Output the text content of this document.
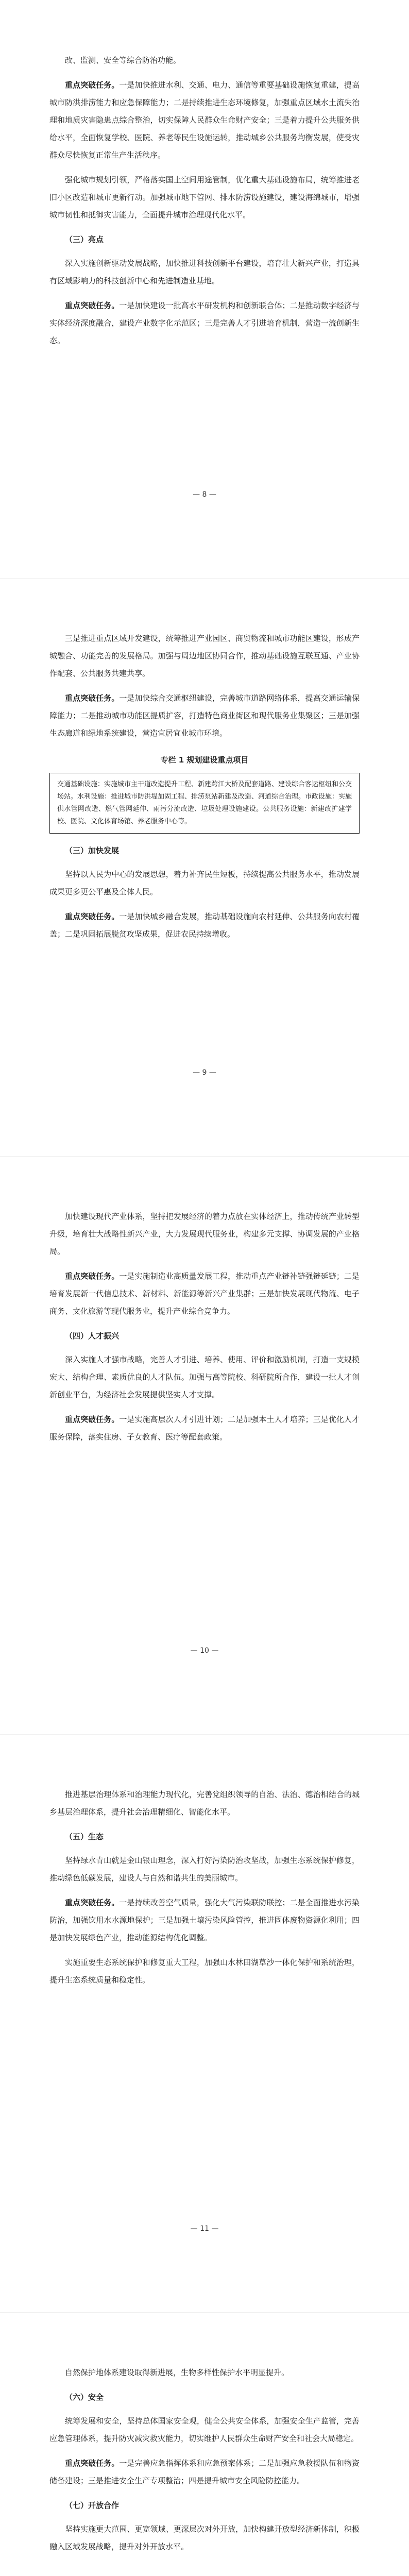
改、监测、安全等综合防治功能。

重点突破任务。一是加快推进水利、交通、电力、通信等重要基础设施恢复重建，提高城市防洪排涝能力和应急保障能力；二是持续推进生态环境修复，加强重点区域水土流失治理和地质灾害隐患点综合整治，切实保障人民群众生命财产安全；三是着力提升公共服务供给水平，全面恢复学校、医院、养老等民生设施运转，推动城乡公共服务均衡发展，使受灾群众尽快恢复正常生产生活秩序。

强化城市规划引领，严格落实国土空间用途管制，优化重大基础设施布局，统筹推进老旧小区改造和城市更新行动。加强城市地下管网、排水防涝设施建设，建设海绵城市，增强城市韧性和抵御灾害能力，全面提升城市治理现代化水平。

（三）亮点

深入实施创新驱动发展战略，加快推进科技创新平台建设，培育壮大新兴产业，打造具有区域影响力的科技创新中心和先进制造业基地。

重点突破任务。一是加快建设一批高水平研发机构和创新联合体；二是推动数字经济与实体经济深度融合，建设产业数字化示范区；三是完善人才引进培育机制，营造一流创新生态。

— 8 —

三是推进重点区域开发建设，统筹推进产业园区、商贸物流和城市功能区建设，形成产城融合、功能完善的发展格局。加强与周边地区协同合作，推动基础设施互联互通、产业协作配套、公共服务共建共享。

重点突破任务。一是加快综合交通枢纽建设，完善城市道路网络体系，提高交通运输保障能力；二是推动城市功能区提质扩容，打造特色商业街区和现代服务业集聚区；三是加强生态廊道和绿地系统建设，营造宜居宜业城市环境。

专栏 1 规划建设重点项目
交通基础设施：实施城市主干道改造提升工程、新建跨江大桥及配套道路、建设综合客运枢纽和公交场站。水利设施：推进城市防洪堤加固工程、排涝泵站新建及改造、河道综合治理。市政设施：实施供水管网改造、燃气管网延伸、雨污分流改造、垃圾处理设施建设。公共服务设施：新建改扩建学校、医院、文化体育场馆、养老服务中心等。

（三）加快发展

坚持以人民为中心的发展思想，着力补齐民生短板，持续提高公共服务水平，推动发展成果更多更公平惠及全体人民。

重点突破任务。一是加快城乡融合发展，推动基础设施向农村延伸、公共服务向农村覆盖；二是巩固拓展脱贫攻坚成果，促进农民持续增收。

— 9 —

加快建设现代产业体系，坚持把发展经济的着力点放在实体经济上，推动传统产业转型升级，培育壮大战略性新兴产业，大力发展现代服务业，构建多元支撑、协调发展的产业格局。

重点突破任务。一是实施制造业高质量发展工程，推动重点产业链补链强链延链；二是培育发展新一代信息技术、新材料、新能源等新兴产业集群；三是加快发展现代物流、电子商务、文化旅游等现代服务业，提升产业综合竞争力。

（四）人才振兴

深入实施人才强市战略，完善人才引进、培养、使用、评价和激励机制，打造一支规模宏大、结构合理、素质优良的人才队伍。加强与高等院校、科研院所合作，建设一批人才创新创业平台，为经济社会发展提供坚实人才支撑。

重点突破任务。一是实施高层次人才引进计划；二是加强本土人才培养；三是优化人才服务保障，落实住房、子女教育、医疗等配套政策。

— 10 —

推进基层治理体系和治理能力现代化，完善党组织领导的自治、法治、德治相结合的城乡基层治理体系，提升社会治理精细化、智能化水平。

（五）生态

坚持绿水青山就是金山银山理念，深入打好污染防治攻坚战，加强生态系统保护修复，推动绿色低碳发展，建设人与自然和谐共生的美丽城市。

重点突破任务。一是持续改善空气质量，强化大气污染联防联控；二是全面推进水污染防治，加强饮用水水源地保护；三是加强土壤污染风险管控，推进固体废物资源化利用；四是加快发展绿色产业，推动能源结构优化调整。

实施重要生态系统保护和修复重大工程，加强山水林田湖草沙一体化保护和系统治理，提升生态系统质量和稳定性。

— 11 —

自然保护地体系建设取得新进展，生物多样性保护水平明显提升。

（六）安全

统筹发展和安全，坚持总体国家安全观，健全公共安全体系，加强安全生产监管，完善应急管理体系，提升防灾减灾救灾能力，切实维护人民群众生命财产安全和社会大局稳定。

重点突破任务。一是完善应急指挥体系和应急预案体系；二是加强应急救援队伍和物资储备建设；三是推进安全生产专项整治；四是提升城市安全风险防控能力。

（七）开放合作

坚持实施更大范围、更宽领域、更深层次对外开放，加快构建开放型经济新体制，积极融入区域发展战略，提升对外开放水平。
